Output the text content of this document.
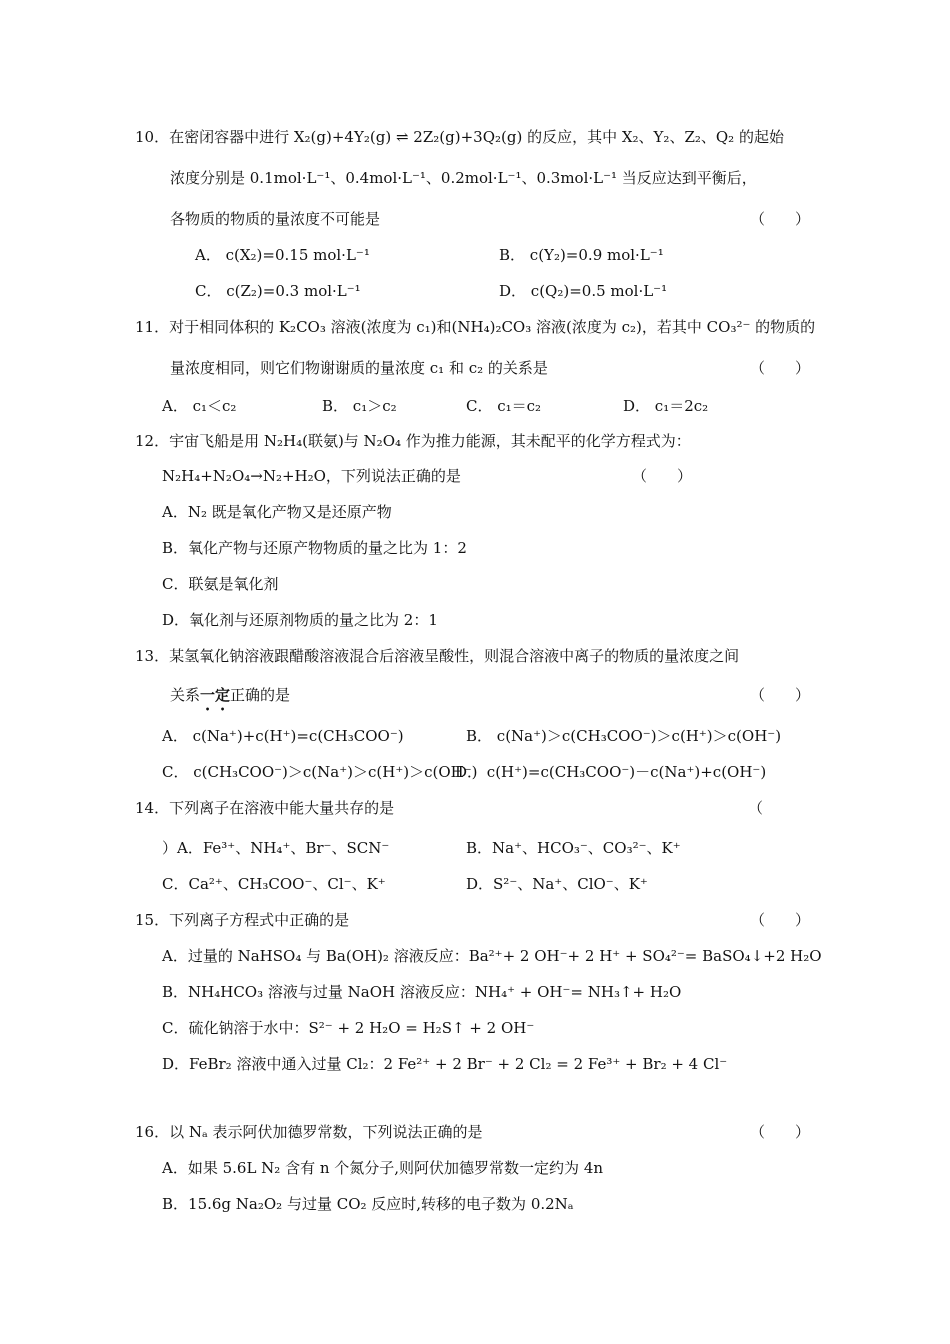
10．在密闭容器中进行 X₂(g)+4Y₂(g) ⇌ 2Z₂(g)+3Q₂(g) 的反应，其中 X₂、Y₂、Z₂、Q₂ 的起始
浓度分别是 0.1mol·L⁻¹、0.4mol·L⁻¹、0.2mol·L⁻¹、0.3mol·L⁻¹ 当反应达到平衡后，
各物质的物质的量浓度不可能是	（　　）
A． c(X₂)=0.15 mol·L⁻¹	B． c(Y₂)=0.9 mol·L⁻¹
C． c(Z₂)=0.3 mol·L⁻¹	D． c(Q₂)=0.5 mol·L⁻¹
11．对于相同体积的 K₂CO₃ 溶液(浓度为 c₁)和(NH₄)₂CO₃ 溶液(浓度为 c₂)，若其中 CO₃²⁻ 的物质的
量浓度相同，则它们物谢谢质的量浓度 c₁ 和 c₂ 的关系是	（　　）
A． c₁＜c₂	B． c₁＞c₂	C． c₁＝c₂	D． c₁＝2c₂
12．宇宙飞船是用 N₂H₄(联氨)与 N₂O₄ 作为推力能源，其未配平的化学方程式为：
N₂H₄+N₂O₄→N₂+H₂O，下列说法正确的是	（　　）
A．N₂ 既是氧化产物又是还原产物
B．氧化产物与还原产物物质的量之比为 1：2
C．联氨是氧化剂
D．氧化剂与还原剂物质的量之比为 2：1
13．某氢氧化钠溶液跟醋酸溶液混合后溶液呈酸性，则混合溶液中离子的物质的量浓度之间
关系一定正确的是	（　　）
A． c(Na⁺)+c(H⁺)=c(CH₃COO⁻)	B． c(Na⁺)＞c(CH₃COO⁻)＞c(H⁺)＞c(OH⁻)
C． c(CH₃COO⁻)＞c(Na⁺)＞c(H⁺)＞c(OH⁻)
D． c(H⁺)=c(CH₃COO⁻)－c(Na⁺)+c(OH⁻)
14．下列离子在溶液中能大量共存的是	（
）A．Fe³⁺、NH₄⁺、Br⁻、SCN⁻	B．Na⁺、HCO₃⁻、CO₃²⁻、K⁺
C．Ca²⁺、CH₃COO⁻、Cl⁻、K⁺	D．S²⁻、Na⁺、ClO⁻、K⁺
15．下列离子方程式中正确的是	（　　）
A．过量的 NaHSO₄ 与 Ba(OH)₂ 溶液反应：Ba²⁺+ 2 OH⁻+ 2 H⁺ + SO₄²⁻= BaSO₄↓+2 H₂O
B．NH₄HCO₃ 溶液与过量 NaOH 溶液反应：NH₄⁺ + OH⁻= NH₃↑+ H₂O
C．硫化钠溶于水中：S²⁻ + 2 H₂O = H₂S↑ + 2 OH⁻
D．FeBr₂ 溶液中通入过量 Cl₂：2 Fe²⁺ + 2 Br⁻ + 2 Cl₂ = 2 Fe³⁺ + Br₂ + 4 Cl⁻
16．以 Nₐ 表示阿伏加德罗常数，下列说法正确的是	（　　）
A．如果 5.6L N₂ 含有 n 个氮分子,则阿伏加德罗常数一定约为 4n
B．15.6g Na₂O₂ 与过量 CO₂ 反应时,转移的电子数为 0.2Nₐ
